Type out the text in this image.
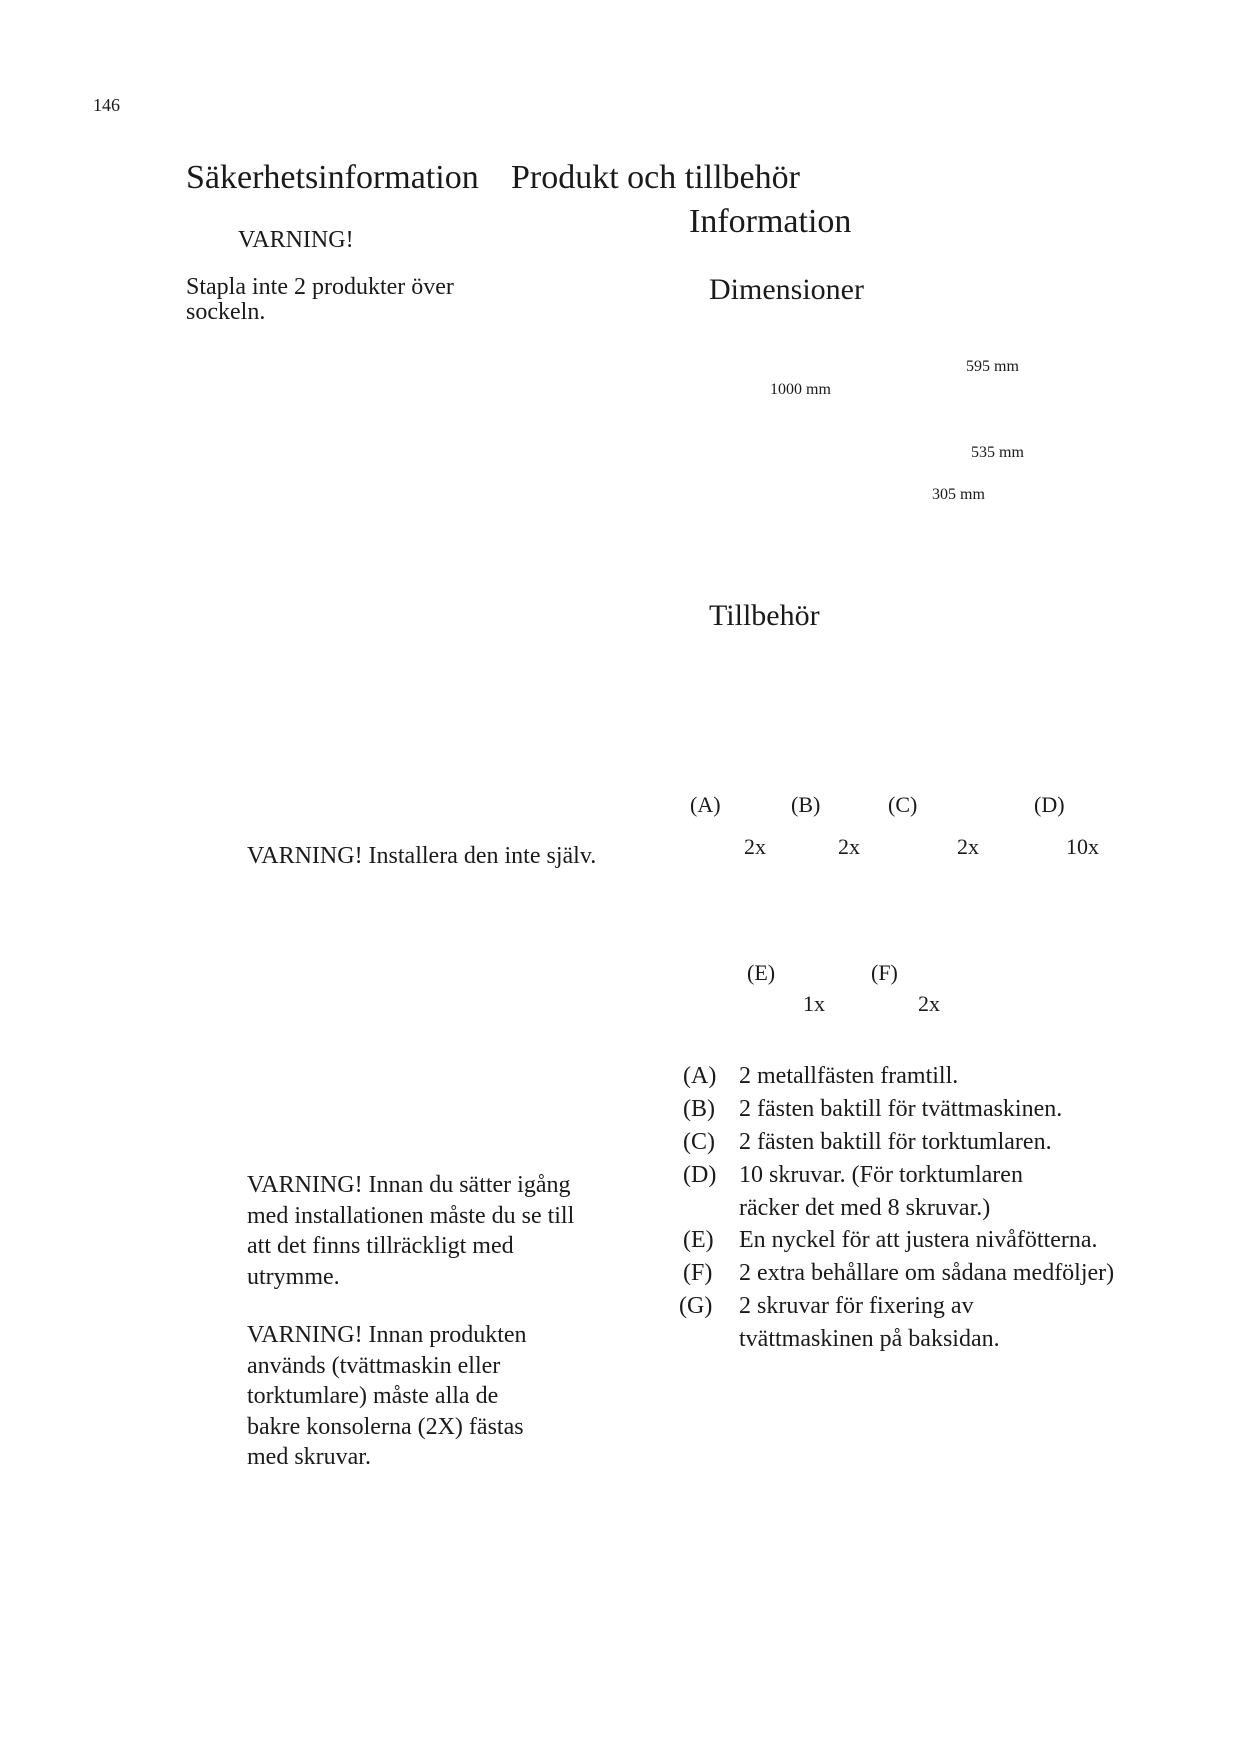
146
Säkerhetsinformation
VARNING!
Stapla inte 2 produkter över
sockeln.
VARNING! Installera den inte själv.
VARNING! Innan du sätter igång med installationen måste du se till att det finns tillräckligt med utrymme.
VARNING! Innan produkten används (tvättmaskin eller torktumlare) måste alla de bakre konsolerna (2X) fästas med skruvar.
Produkt och tillbehör
Information
Dimensioner
595 mm
1000 mm
535 mm
305 mm
Tillbehör
(A)
2x
(B)
2x
(C)
2x
(D)
10x
(E)
1x
(F)
2x
(A) 2 metallfästen framtill.
(B)	2 fästen baktill för tvättmaskinen.
(C)	2 fästen baktill för torktumlaren.
(D) 10 skruvar. (För torktumlaren räcker det med 8 skruvar.)
(E)	En nyckel för att justera nivåfötterna.
(F)	2 extra behållare om sådana medföljer)
(G)	2 skruvar för fixering av tvättmaskinen på baksidan.
